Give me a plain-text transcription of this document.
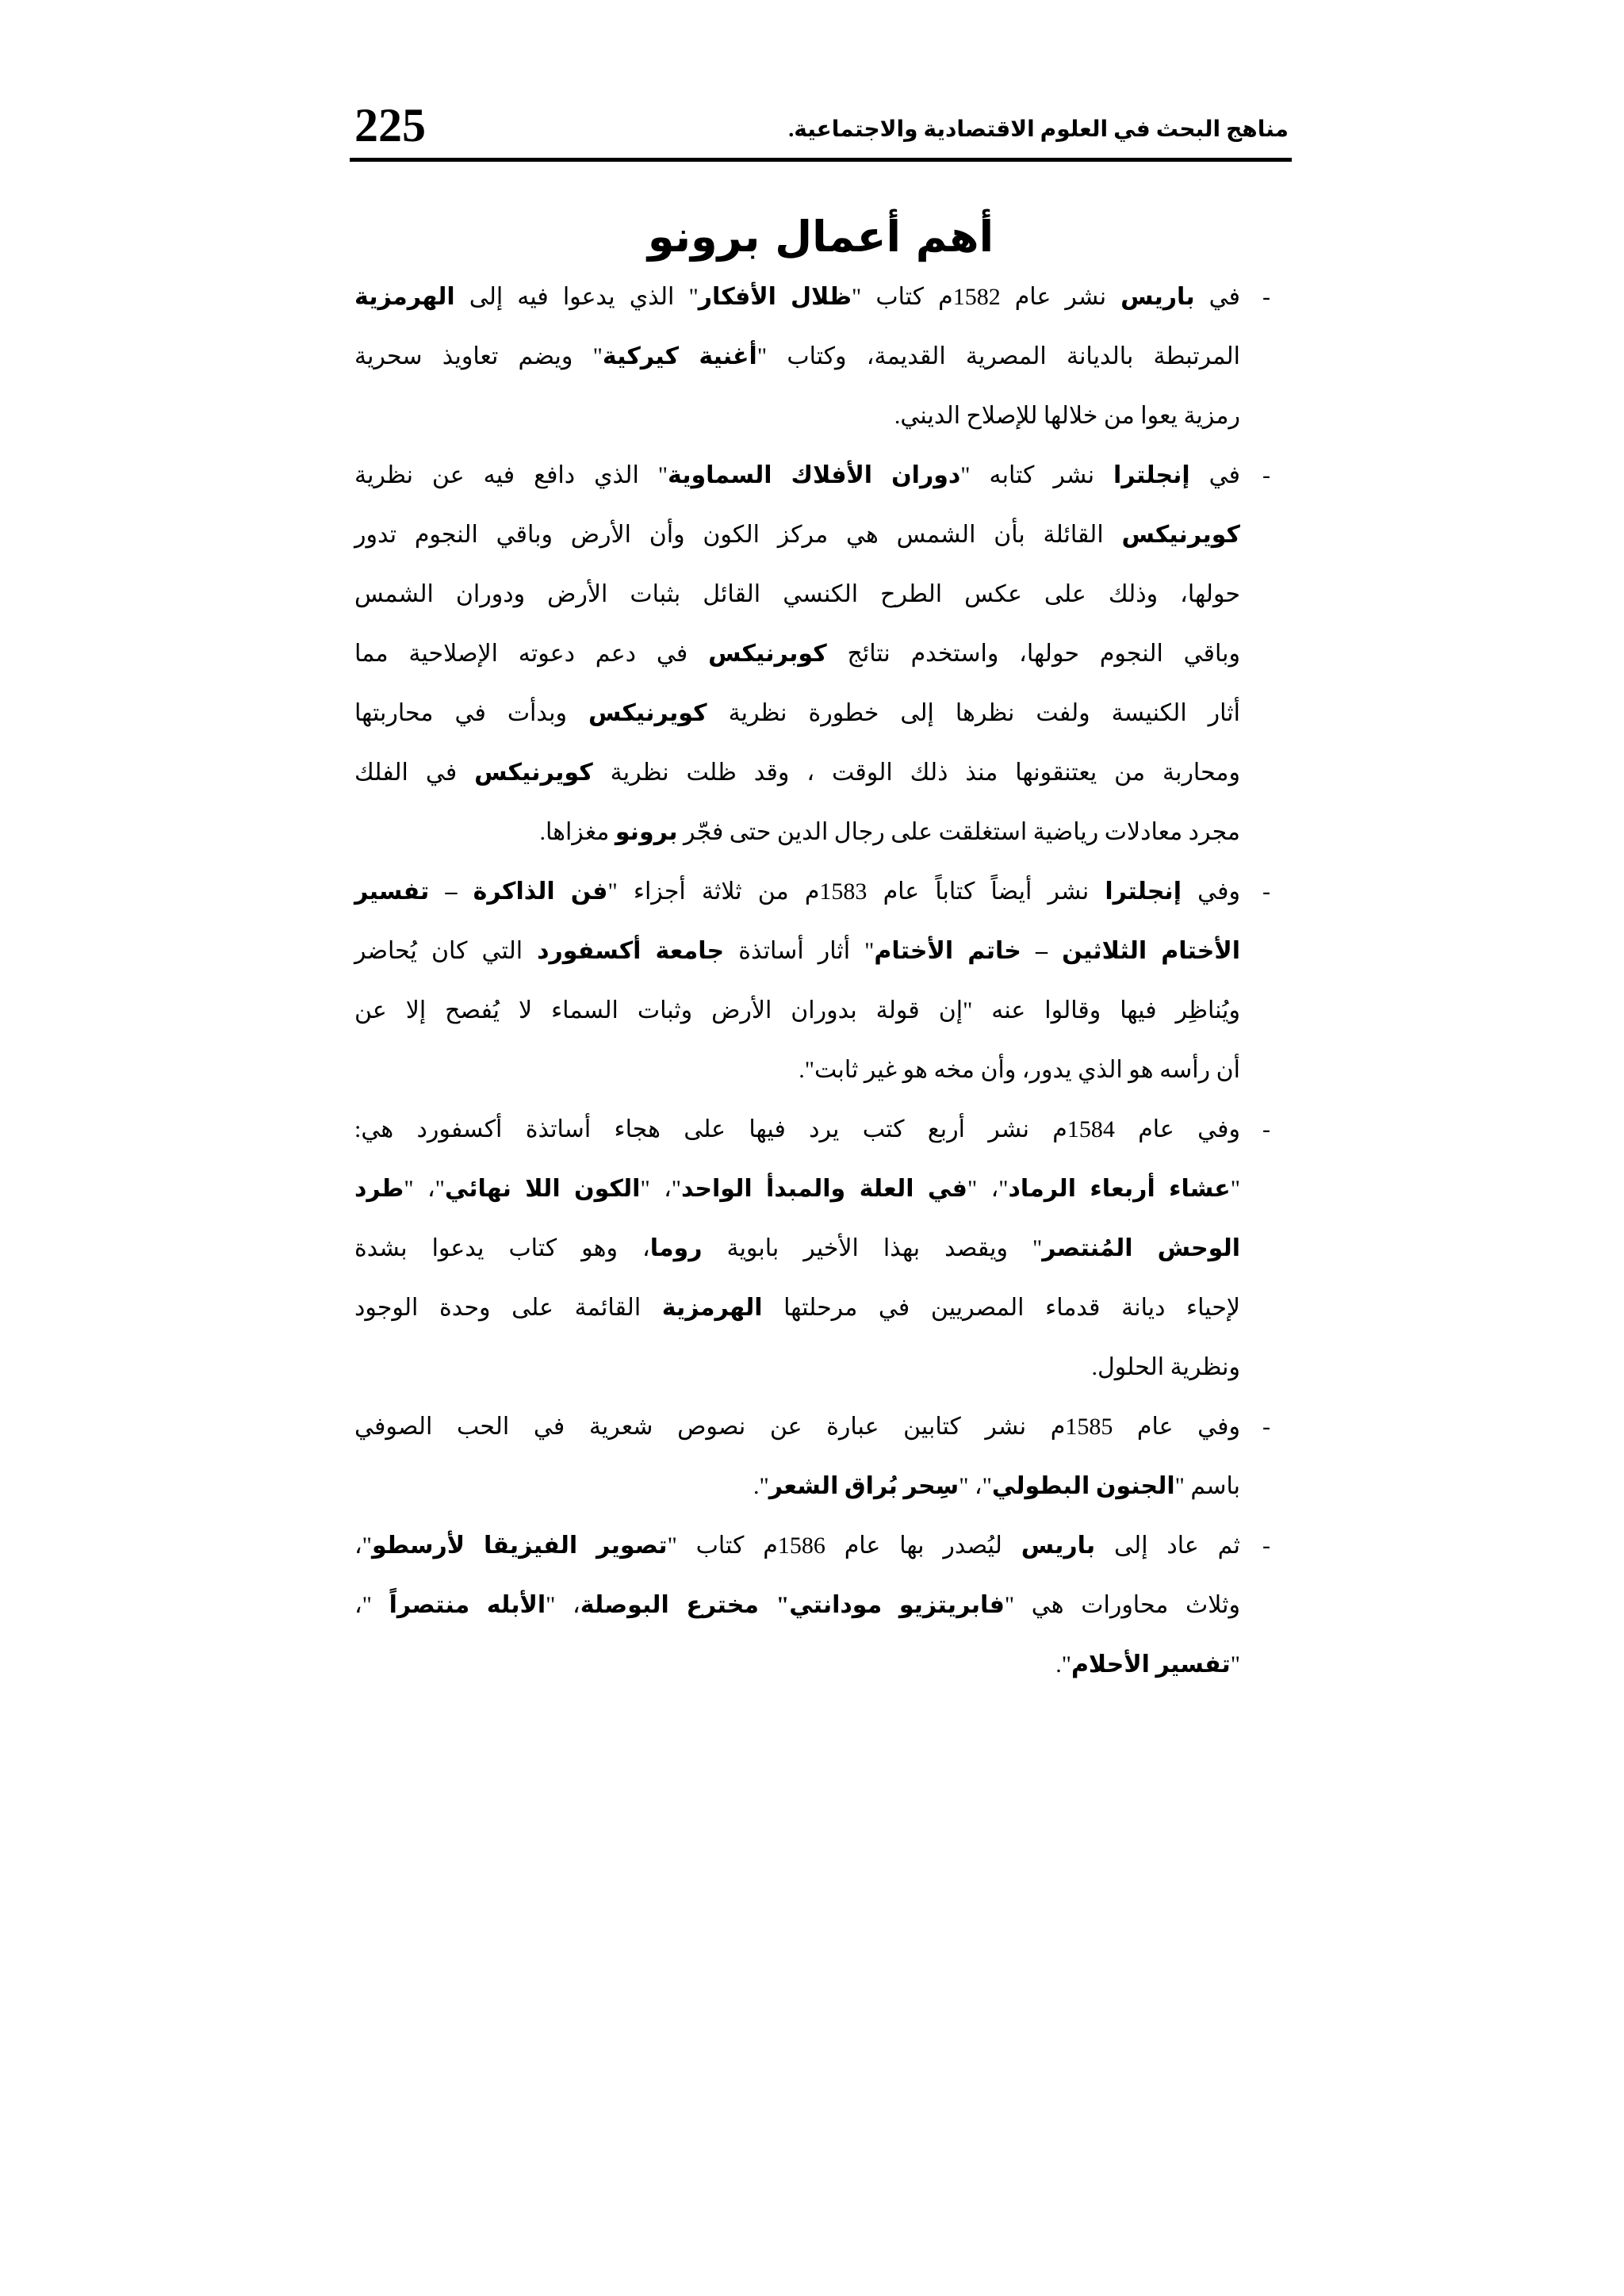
225	مناهج البحث في العلوم الاقتصادية والاجتماعية.
أهم أعمال برونو
-
في باريس نشر عام 1582م كتاب "ظلال الأفكار" الذي يدعوا فيه إلى الهرمزية
المرتبطة بالديانة المصرية القديمة، وكتاب "أغنية كيركية" ويضم تعاويذ سحرية
رمزية يعوا من خلالها للإصلاح الديني.
-
في إنجلترا نشر كتابه "دوران الأفلاك السماوية" الذي دافع فيه عن نظرية
كويرنيكس القائلة بأن الشمس هي مركز الكون وأن الأرض وباقي النجوم تدور
حولها، وذلك على عكس الطرح الكنسي القائل بثبات الأرض ودوران الشمس
وباقي النجوم حولها، واستخدم نتائج كوبرنيكس في دعم دعوته الإصلاحية مما
أثار الكنيسة ولفت نظرها إلى خطورة نظرية كويرنيكس وبدأت في محاربتها
ومحاربة من يعتنقونها منذ ذلك الوقت ، وقد ظلت نظرية كويرنيكس في الفلك
مجرد معادلات رياضية استغلقت على رجال الدين حتى فجّر برونو مغزاها.
-
وفي إنجلترا نشر أيضاً كتاباً عام 1583م من ثلاثة أجزاء "فن الذاكرة – تفسير
الأختام الثلاثين – خاتم الأختام" أثار أساتذة جامعة أكسفورد التي كان يُحاضر
ويُناظِر فيها وقالوا عنه "إن قولة بدوران الأرض وثبات السماء لا يُفصح إلا عن
أن رأسه هو الذي يدور، وأن مخه هو غير ثابت".
-
وفي عام 1584م نشر أربع كتب يرد فيها على هجاء أساتذة أكسفورد هي:
"عشاء أربعاء الرماد"، "في العلة والمبدأ الواحد"، "الكون اللا نهائي"، "طرد
الوحش المُنتصر" ويقصد بهذا الأخير بابوية روما، وهو كتاب يدعوا بشدة
لإحياء ديانة قدماء المصريين في مرحلتها الهرمزية القائمة على وحدة الوجود
ونظرية الحلول.
-
وفي عام 1585م نشر كتابين عبارة عن نصوص شعرية في الحب الصوفي
باسم "الجنون البطولي"، "سِحر بُراق الشعر".
-
ثم عاد إلى باريس ليُصدر بها عام 1586م كتاب "تصوير الفيزيقا لأرسطو"،
وثلاث محاورات هي "فابريتزيو مودانتي" مخترع البوصلة، "الأبله منتصراً "،
"تفسير الأحلام".
